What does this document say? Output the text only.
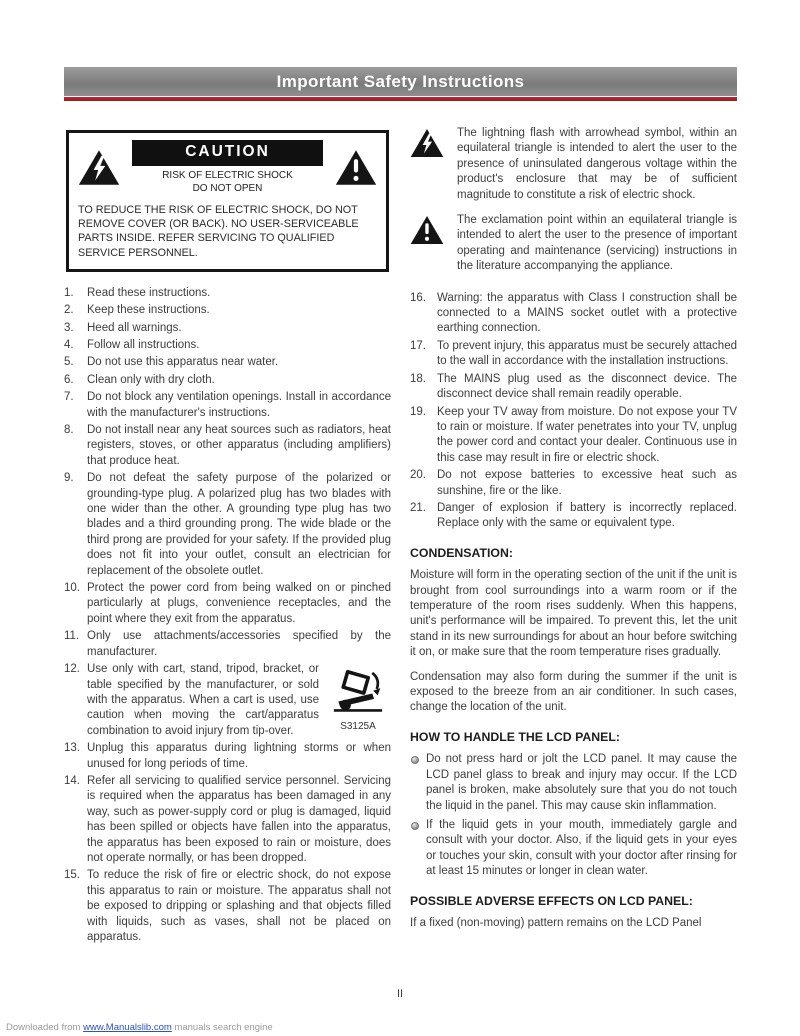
Important Safety Instructions
CAUTION
RISK OF ELECTRIC SHOCK
DO NOT OPEN
TO REDUCE THE RISK OF ELECTRIC SHOCK, DO NOT REMOVE COVER (OR BACK). NO USER-SERVICEABLE PARTS INSIDE. REFER SERVICING TO QUALIFIED SERVICE PERSONNEL.
1.	Read these instructions.
2.	Keep these instructions.
3.	Heed all warnings.
4.	Follow all instructions.
5.	Do not use this apparatus near water.
6.	Clean only with dry cloth.
7.	Do not block any ventilation openings. Install in accordance with the manufacturer's instructions.
8.	Do not install near any heat sources such as radiators, heat registers, stoves, or other apparatus (including amplifiers) that produce heat.
9.	Do not defeat the safety purpose of the polarized or grounding-type plug. A polarized plug has two blades with one wider than the other. A grounding type plug has two blades and a third grounding prong. The wide blade or the third prong are provided for your safety. If the provided plug does not fit into your outlet, consult an electrician for replacement of the obsolete outlet.
10. Protect the power cord from being walked on or pinched particularly at plugs, convenience receptacles, and the point where they exit from the apparatus.
11. Only use attachments/accessories specified by the manufacturer.
12.
S3125A
Use only with cart, stand, tripod, bracket, or table specified by the manufacturer, or sold with the apparatus. When a cart is used, use caution when moving the cart/apparatus combination to avoid injury from tip-over.
13. Unplug this apparatus during lightning storms or when unused for long periods of time.
14. Refer all servicing to qualified service personnel. Servicing is required when the apparatus has been damaged in any way, such as power-supply cord or plug is damaged, liquid has been spilled or objects have fallen into the apparatus, the apparatus has been exposed to rain or moisture, does not operate normally, or has been dropped.
15. To reduce the risk of fire or electric shock, do not expose this apparatus to rain or moisture. The apparatus shall not be exposed to dripping or splashing and that objects filled with liquids, such as vases, shall not be placed on apparatus.
The lightning flash with arrowhead symbol, within an equilateral triangle is intended to alert the user to the presence of uninsulated dangerous voltage within the product's enclosure that may be of sufficient magnitude to constitute a risk of electric shock.
The exclamation point within an equilateral triangle is intended to alert the user to the presence of important operating and maintenance (servicing) instructions in the literature accompanying the appliance.
16. Warning: the apparatus with Class I construction shall be connected to a MAINS socket outlet with a protective earthing connection.
17. To prevent injury, this apparatus must be securely attached to the wall in accordance with the installation instructions.
18. The MAINS plug used as the disconnect device. The disconnect device shall remain readily operable.
19. Keep your TV away from moisture. Do not expose your TV to rain or moisture. If water penetrates into your TV, unplug the power cord and contact your dealer. Continuous use in this case may result in fire or electric shock.
20. Do not expose batteries to excessive heat such as sunshine, fire or the like.
21. Danger of explosion if battery is incorrectly replaced. Replace only with the same or equivalent type.
CONDENSATION:
Moisture will form in the operating section of the unit if the unit is brought from cool surroundings into a warm room or if the temperature of the room rises suddenly. When this happens, unit's performance will be impaired. To prevent this, let the unit stand in its new surroundings for about an hour before switching it on, or make sure that the room temperature rises gradually.
Condensation may also form during the summer if the unit is exposed to the breeze from an air conditioner. In such cases, change the location of the unit.
HOW TO HANDLE THE LCD PANEL:
Do not press hard or jolt the LCD panel. It may cause the LCD panel glass to break and injury may occur. If the LCD panel is broken, make absolutely sure that you do not touch the liquid in the panel. This may cause skin inflammation.
If the liquid gets in your mouth, immediately gargle and consult with your doctor. Also, if the liquid gets in your eyes or touches your skin, consult with your doctor after rinsing for at least 15 minutes or longer in clean water.
POSSIBLE ADVERSE EFFECTS ON LCD PANEL:
If a fixed (non-moving) pattern remains on the LCD Panel
II
Downloaded from www.Manualslib.com manuals search engine
